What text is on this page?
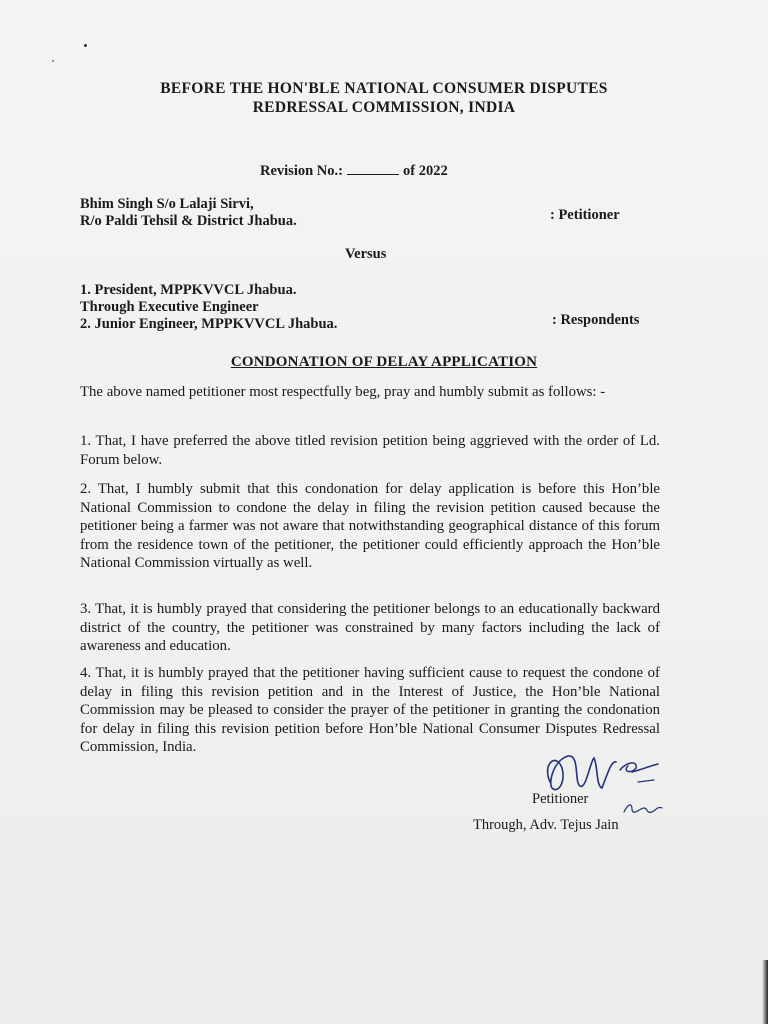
BEFORE THE HON'BLE NATIONAL CONSUMER DISPUTES
REDRESSAL COMMISSION, INDIA
Revision No.:	of 2022
Bhim Singh S/o Lalaji Sirvi,
R/o Paldi Tehsil & District Jhabua.	: Petitioner
Versus
1. President, MPPKVVCL Jhabua.
Through Executive Engineer
2. Junior Engineer, MPPKVVCL Jhabua.	: Respondents
CONDONATION OF DELAY APPLICATION

The above named petitioner most respectfully beg, pray and humbly submit as follows: -

1. That, I have preferred the above titled revision petition being aggrieved with the order of Ld. Forum below.

2. That, I humbly submit that this condonation for delay application is before this Hon’ble National Commission to condone the delay in filing the revision petition caused because the petitioner being a farmer was not aware that notwithstanding geographical distance of this forum from the residence town of the petitioner, the petitioner could efficiently approach the Hon’ble National Commission virtually as well.

3. That, it is humbly prayed that considering the petitioner belongs to an educationally backward district of the country, the petitioner was constrained by many factors including the lack of awareness and education.

4. That, it is humbly prayed that the petitioner having sufficient cause to request the condone of delay in filing this revision petition and in the Interest of Justice, the Hon’ble National Commission may be pleased to consider the prayer of the petitioner in granting the condonation for delay in filing this revision petition before Hon’ble National Consumer Disputes Redressal Commission, India.

Petitioner
Through, Adv. Tejus Jain
